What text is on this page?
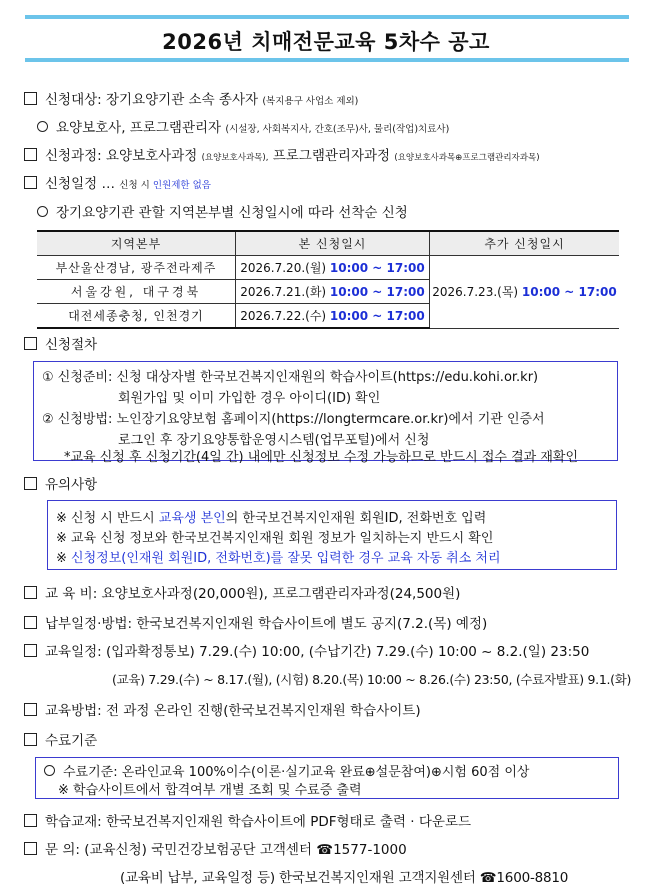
2026년 치매전문교육 5차수 공고
신청대상: 장기요양기관 소속 종사자 (복지용구 사업소 제외)
요양보호사, 프로그램관리자 (시설장, 사회복지사, 간호(조무)사, 물리(작업)치료사)
신청과정: 요양보호사과정 (요양보호사과목), 프로그램관리자과정 (요양보호사과목⊕프로그램관리자과목)
신청일정 … 신청 시 인원제한 없음
장기요양기관 관할 지역본부별 신청일시에 따라 선착순 신청
지역본부	본 신청일시	추가 신청일시
부산울산경남, 광주전라제주	2026.7.20.(월) 10:00 ~ 17:00	2026.7.23.(목) 10:00 ~ 17:00
서울강원, 대구경북	2026.7.21.(화) 10:00 ~ 17:00	
대전세종충청, 인천경기	2026.7.22.(수) 10:00 ~ 17:00	
신청절차
① 신청준비: 신청 대상자별 한국보건복지인재원의 학습사이트(https://edu.kohi.or.kr)
회원가입 및 이미 가입한 경우 아이디(ID) 확인
② 신청방법: 노인장기요양보험 홈페이지(https://longtermcare.or.kr)에서 기관 인증서
로그인 후 장기요양통합운영시스템(업무포털)에서 신청
*교육 신청 후 신청기간(4일 간) 내에만 신청정보 수정 가능하므로 반드시 접수 결과 재확인
유의사항
※ 신청 시 반드시 교육생 본인의 한국보건복지인재원 회원ID, 전화번호 입력
※ 교육 신청 정보와 한국보건복지인재원 회원 정보가 일치하는지 반드시 확인
※ 신청정보(인재원 회원ID, 전화번호)를 잘못 입력한 경우 교육 자동 취소 처리
교 육 비: 요양보호사과정(20,000원), 프로그램관리자과정(24,500원)
납부일정·방법: 한국보건복지인재원 학습사이트에 별도 공지(7.2.(목) 예정)
교육일정: (입과확정통보) 7.29.(수) 10:00, (수납기간) 7.29.(수) 10:00 ~ 8.2.(일) 23:50
(교육) 7.29.(수) ~ 8.17.(월), (시험) 8.20.(목) 10:00 ~ 8.26.(수) 23:50, (수료자발표) 9.1.(화)
교육방법: 전 과정 온라인 진행(한국보건복지인재원 학습사이트)
수료기준
수료기준: 온라인교육 100%이수(이론·실기교육 완료⊕설문참여)⊕시험 60점 이상
※ 학습사이트에서 합격여부 개별 조회 및 수료증 출력
학습교재: 한국보건복지인재원 학습사이트에 PDF형태로 출력 · 다운로드
문 의: (교육신청) 국민건강보험공단 고객센터 ☎1577-1000
(교육비 납부, 교육일정 등) 한국보건복지인재원 고객지원센터 ☎1600-8810
